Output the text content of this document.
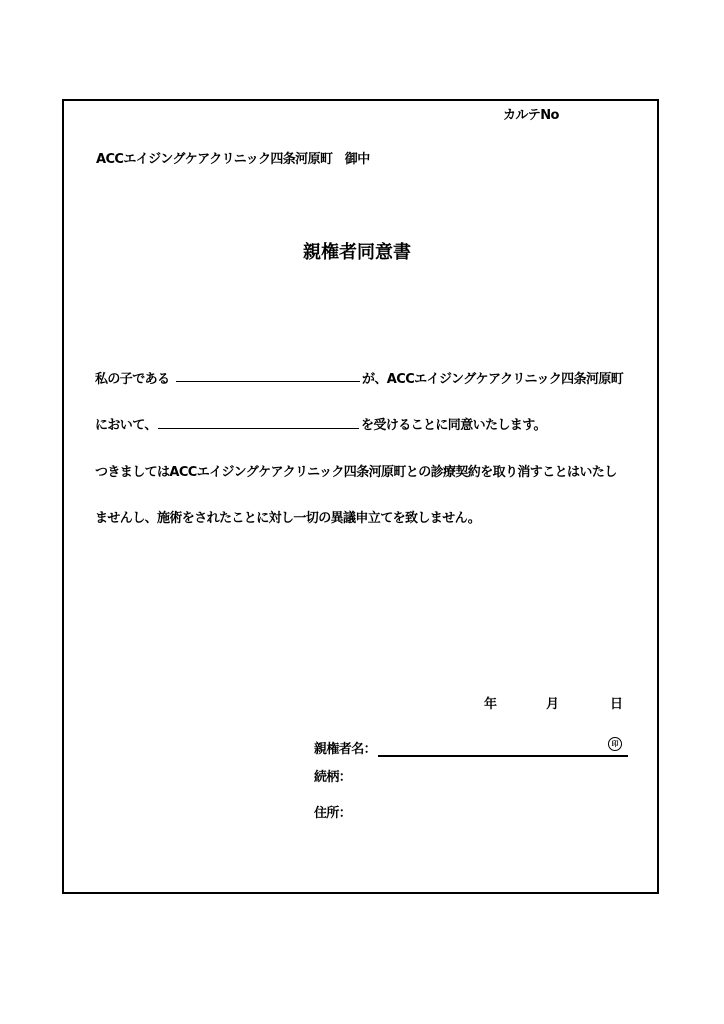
カルテNo
ACCエイジングケアクリニック四条河原町　御中
親権者同意書
私の子である	が、ACCエイジングケアクリニック四条河原町
において、	を受けることに同意いたします。
つきましてはACCエイジングケアクリニック四条河原町との診療契約を取り消すことはいたし
ませんし、施術をされたことに対し一切の異議申立てを致しません。
年	月	日
親権者名：	印
続柄：
住所：
